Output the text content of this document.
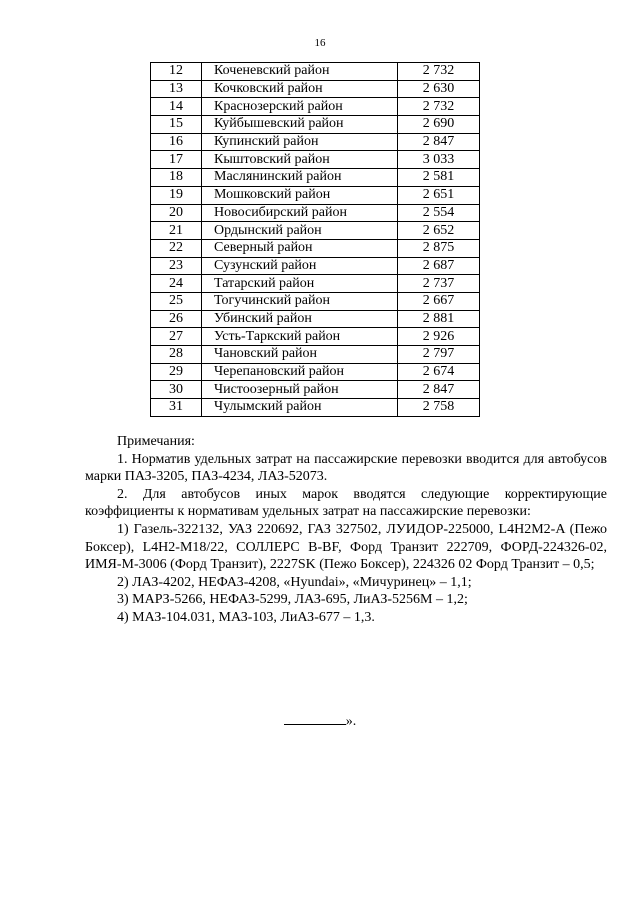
16
12	Коченевский район	2 732
13	Кочковский район	2 630
14	Краснозерский район	2 732
15	Куйбышевский район	2 690
16	Купинский район	2 847
17	Кыштовский район	3 033
18	Маслянинский район	2 581
19	Мошковский район	2 651
20	Новосибирский район	2 554
21	Ордынский район	2 652
22	Северный район	2 875
23	Сузунский район	2 687
24	Татарский район	2 737
25	Тогучинский район	2 667
26	Убинский район	2 881
27	Усть-Таркский район	2 926
28	Чановский район	2 797
29	Черепановский район	2 674
30	Чистоозерный район	2 847
31	Чулымский район	2 758

Примечания:

1. Норматив удельных затрат на пассажирские перевозки вводится для автобусов марки ПАЗ-3205, ПАЗ-4234, ЛАЗ-52073.

2. Для автобусов иных марок вводятся следующие корректирующие коэффициенты к нормативам удельных затрат на пассажирские перевозки:

1) Газель-322132, УАЗ 220692, ГАЗ 327502, ЛУИДОР-225000, L4H2M2-A (Пежо Боксер), L4H2-M18/22, СОЛЛЕРС B-BF, Форд Транзит 222709, ФОРД-224326-02, ИМЯ-М-3006 (Форд Транзит), 2227SK (Пежо Боксер), 224326 02 Форд Транзит – 0,5;

2) ЛАЗ-4202, НЕФАЗ-4208, «Hyundai», «Мичуринец» – 1,1;

3) МАРЗ-5266, НЕФАЗ-5299, ЛАЗ-695, ЛиАЗ-5256М – 1,2;

4) МАЗ-104.031, МАЗ-103, ЛиАЗ-677 – 1,3.

».
